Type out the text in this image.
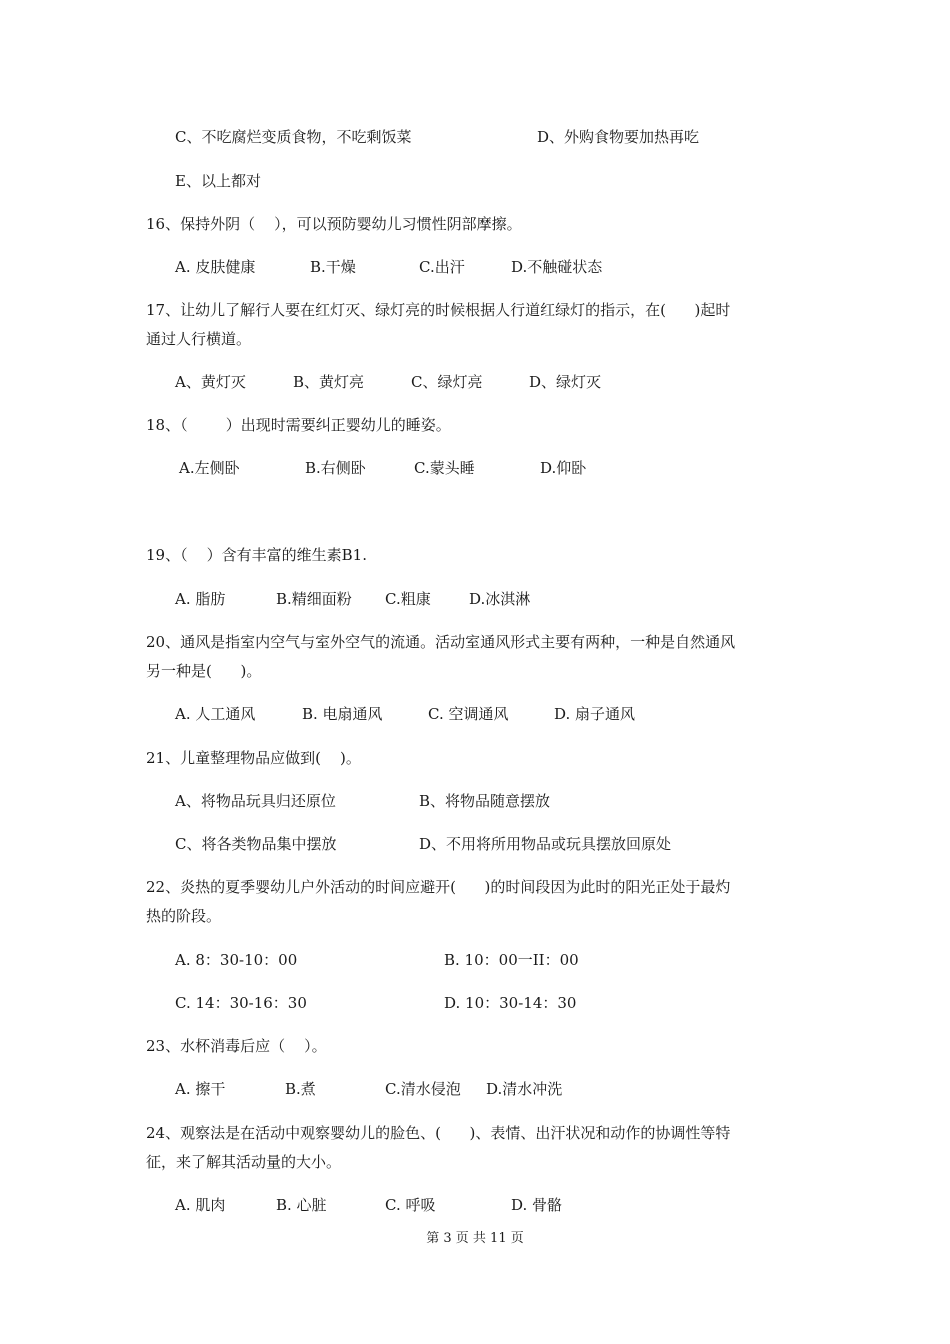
C、不吃腐烂变质食物，不吃剩饭菜	D、外购食物要加热再吃
E、以上都对
16、保持外阴（    ），可以预防婴幼儿习惯性阴部摩擦。
A. 皮肤健康	B.干燥	C.出汗	D.不触碰状态
17、让幼儿了解行人要在红灯灭、绿灯亮的时候根据人行道红绿灯的指示，在(      )起时
通过人行横道。
A、黄灯灭	B、黄灯亮	C、绿灯亮	D、绿灯灭
18、（        ）出现时需要纠正婴幼儿的睡姿。
A.左侧卧	B.右侧卧	C.蒙头睡	D.仰卧
19、（    ）含有丰富的维生素B1.
A. 脂肪	B.精细面粉 C.粗康	D.冰淇淋
20、通风是指室内空气与室外空气的流通。活动室通风形式主要有两种，一种是自然通风
另一种是(      )。
A. 人工通风	B. 电扇通风	C. 空调通风	D. 扇子通风
21、儿童整理物品应做到(    )。
A、将物品玩具归还原位	B、将物品随意摆放
C、将各类物品集中摆放	D、不用将所用物品或玩具摆放回原处
22、炎热的夏季婴幼儿户外活动的时间应避开(      )的时间段因为此时的阳光正处于最灼
热的阶段。
A. 8：30-10：00	B. 10：00一II：00
C. 14：30-16：30	D. 10：30-14：30
23、水杯消毒后应（    ）。
A. 擦干	B.煮	C.清水侵泡 D.清水冲洗
24、观察法是在活动中观察婴幼儿的脸色、(      )、表情、出汗状况和动作的协调性等特
征，来了解其活动量的大小。
A. 肌肉	B. 心脏	C. 呼吸	D. 骨骼
第 3 页 共 11 页
